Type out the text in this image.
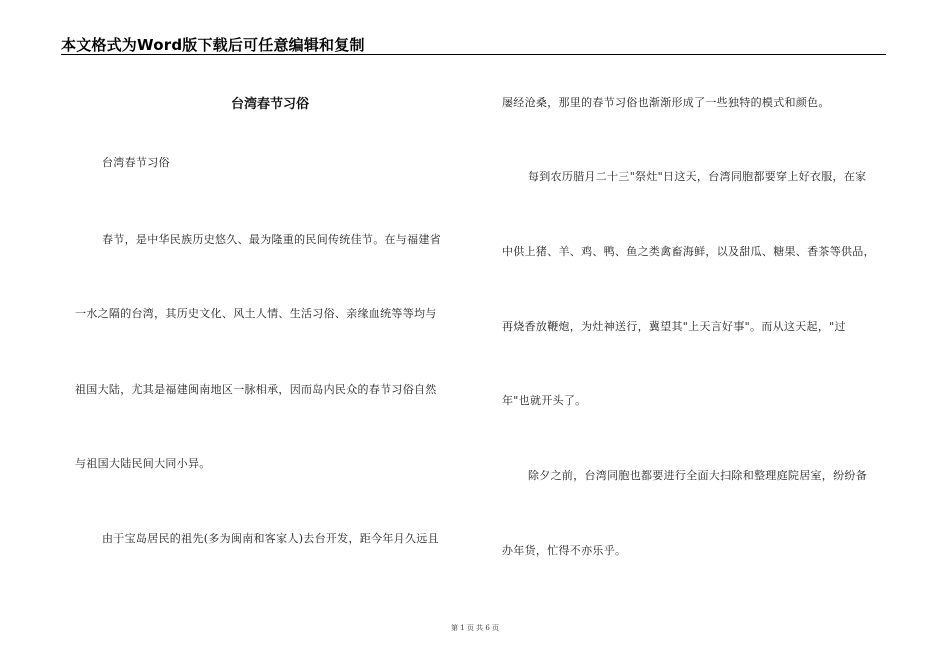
本文格式为Word版下载后可任意编辑和复制
台湾春节习俗
台湾春节习俗
春节，是中华民族历史悠久、最为隆重的民间传统佳节。在与福建省
一水之隔的台湾，其历史文化、风土人情、生活习俗、亲缘血统等等均与
祖国大陆，尤其是福建闽南地区一脉相承，因而岛内民众的春节习俗自然
与祖国大陆民间大同小异。
由于宝岛居民的祖先(多为闽南和客家人)去台开发，距今年月久远且
屡经沧桑，那里的春节习俗也渐渐形成了一些独特的模式和颜色。
每到农历腊月二十三"祭灶"日这天，台湾同胞都要穿上好衣服，在家
中供上猪、羊、鸡、鸭、鱼之类禽畜海鲜，以及甜瓜、糖果、香茶等供品，
再烧香放鞭炮，为灶神送行，冀望其"上天言好事"。而从这天起，"过
年"也就开头了。
除夕之前，台湾同胞也都要进行全面大扫除和整理庭院居室，纷纷备
办年货，忙得不亦乐乎。
第 1 页 共 6 页
